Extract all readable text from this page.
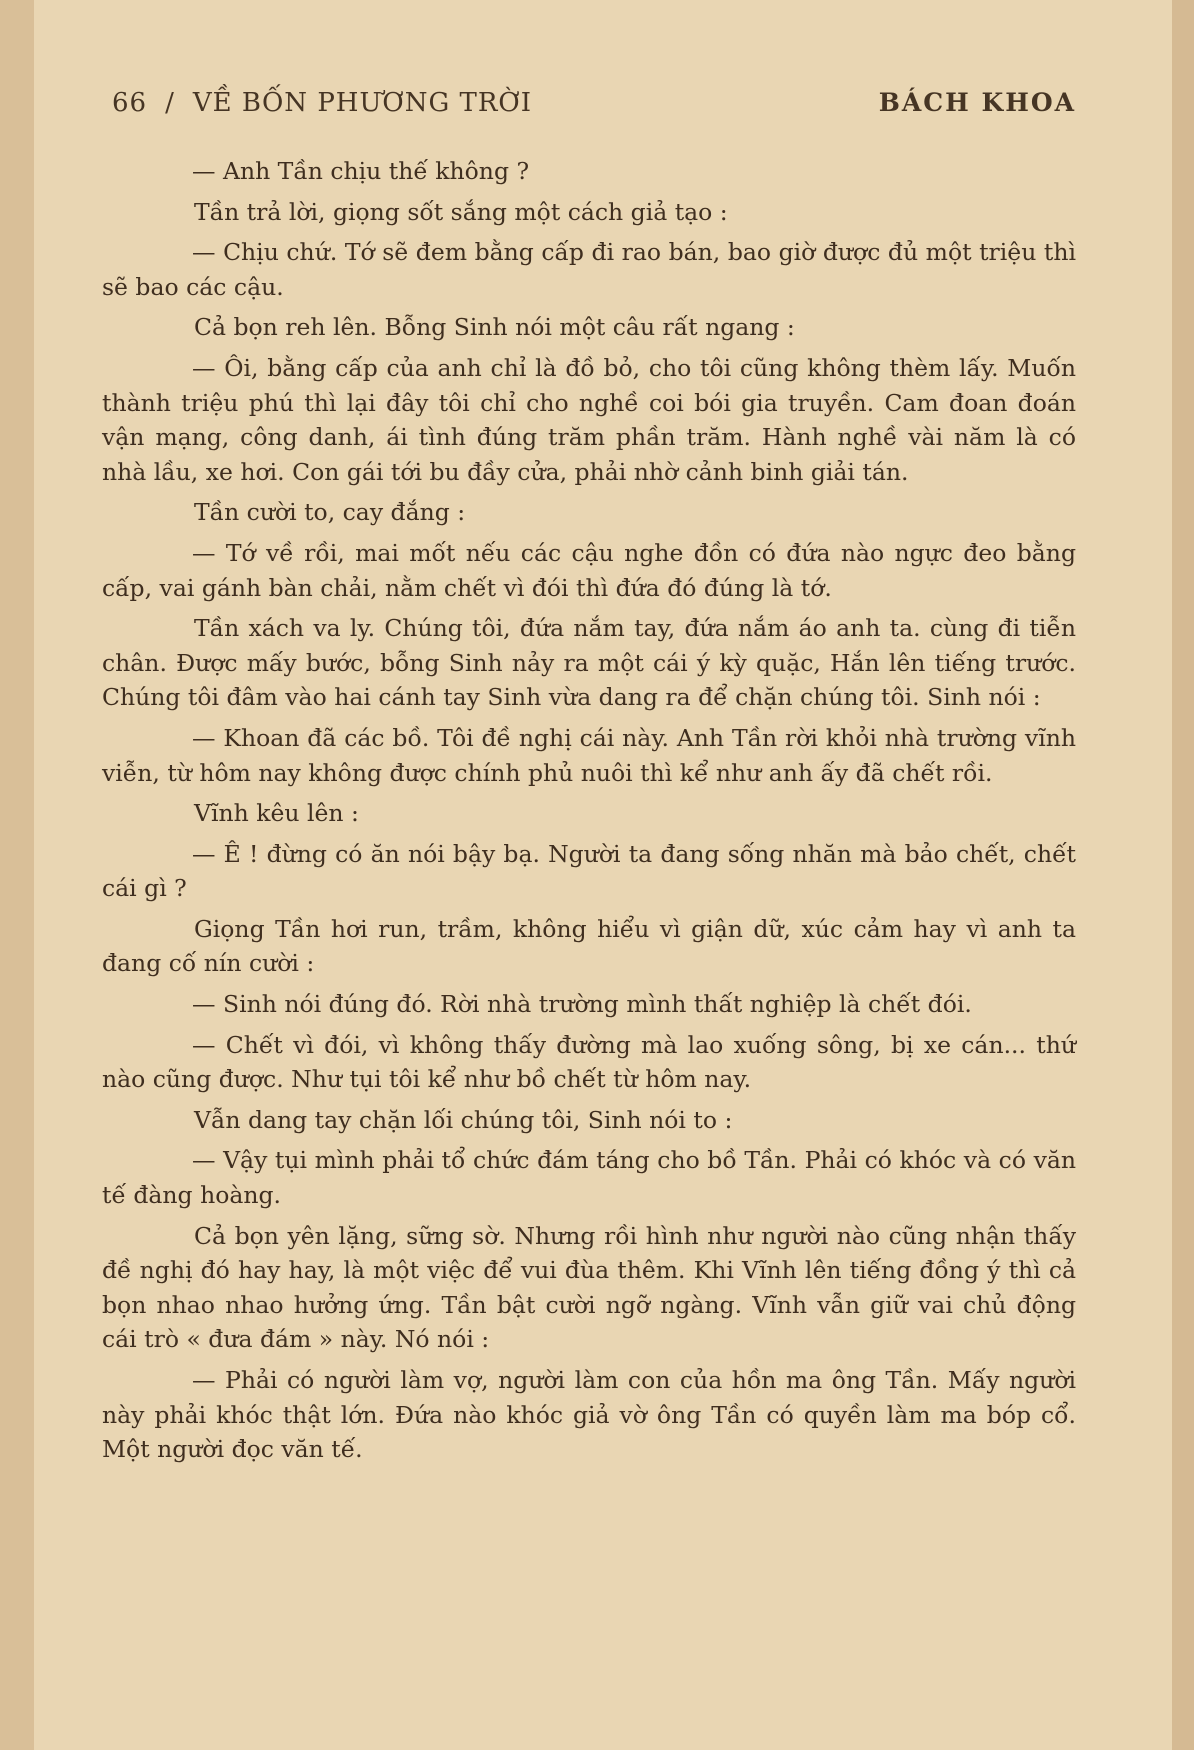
66 / VỀ BỐN PHƯƠNG TRỜI	BÁCH KHOA

— Anh Tần chịu thế không ?

Tần trả lời, giọng sốt sắng một cách giả tạo :

— Chịu chứ. Tớ sẽ đem bằng cấp đi rao bán, bao giờ được đủ một triệu thì sẽ bao các cậu.

Cả bọn reh lên. Bỗng Sinh nói một câu rất ngang :

— Ôi, bằng cấp của anh chỉ là đồ bỏ, cho tôi cũng không thèm lấy. Muốn thành triệu phú thì lại đây tôi chỉ cho nghề coi bói gia truyền. Cam đoan đoán vận mạng, công danh, ái tình đúng trăm phần trăm. Hành nghề vài năm là có nhà lầu, xe hơi. Con gái tới bu đầy cửa, phải nhờ cảnh binh giải tán.

Tần cười to, cay đắng :

— Tớ về rồi, mai mốt nếu các cậu nghe đồn có đứa nào ngực đeo bằng cấp, vai gánh bàn chải, nằm chết vì đói thì đứa đó đúng là tớ.

Tần xách va ly. Chúng tôi, đứa nắm tay, đứa nắm áo anh ta. cùng đi tiễn chân. Được mấy bước, bỗng Sinh nảy ra một cái ý kỳ quặc, Hắn lên tiếng trước. Chúng tôi đâm vào hai cánh tay Sinh vừa dang ra để chặn chúng tôi. Sinh nói :

— Khoan đã các bồ. Tôi đề nghị cái này. Anh Tần rời khỏi nhà trường vĩnh viễn, từ hôm nay không được chính phủ nuôi thì kể như anh ấy đã chết rồi.

Vĩnh kêu lên :

— Ê ! đừng có ăn nói bậy bạ. Người ta đang sống nhăn mà bảo chết, chết cái gì ?

Giọng Tần hơi run, trầm, không hiểu vì giận dữ, xúc cảm hay vì anh ta đang cố nín cười :

— Sinh nói đúng đó. Rời nhà trường mình thất nghiệp là chết đói.

— Chết vì đói, vì không thấy đường mà lao xuống sông, bị xe cán... thứ nào cũng được. Như tụi tôi kể như bồ chết từ hôm nay.

Vẫn dang tay chặn lối chúng tôi, Sinh nói to :

— Vậy tụi mình phải tổ chức đám táng cho bồ Tần. Phải có khóc và có văn tế đàng hoàng.

Cả bọn yên lặng, sững sờ. Nhưng rồi hình như người nào cũng nhận thấy đề nghị đó hay hay, là một việc để vui đùa thêm. Khi Vĩnh lên tiếng đồng ý thì cả bọn nhao nhao hưởng ứng. Tần bật cười ngỡ ngàng. Vĩnh vẫn giữ vai chủ động cái trò « đưa đám » này. Nó nói :

— Phải có người làm vợ, người làm con của hồn ma ông Tần. Mấy người này phải khóc thật lớn. Đứa nào khóc giả vờ ông Tần có quyền làm ma bóp cổ. Một người đọc văn tế.
